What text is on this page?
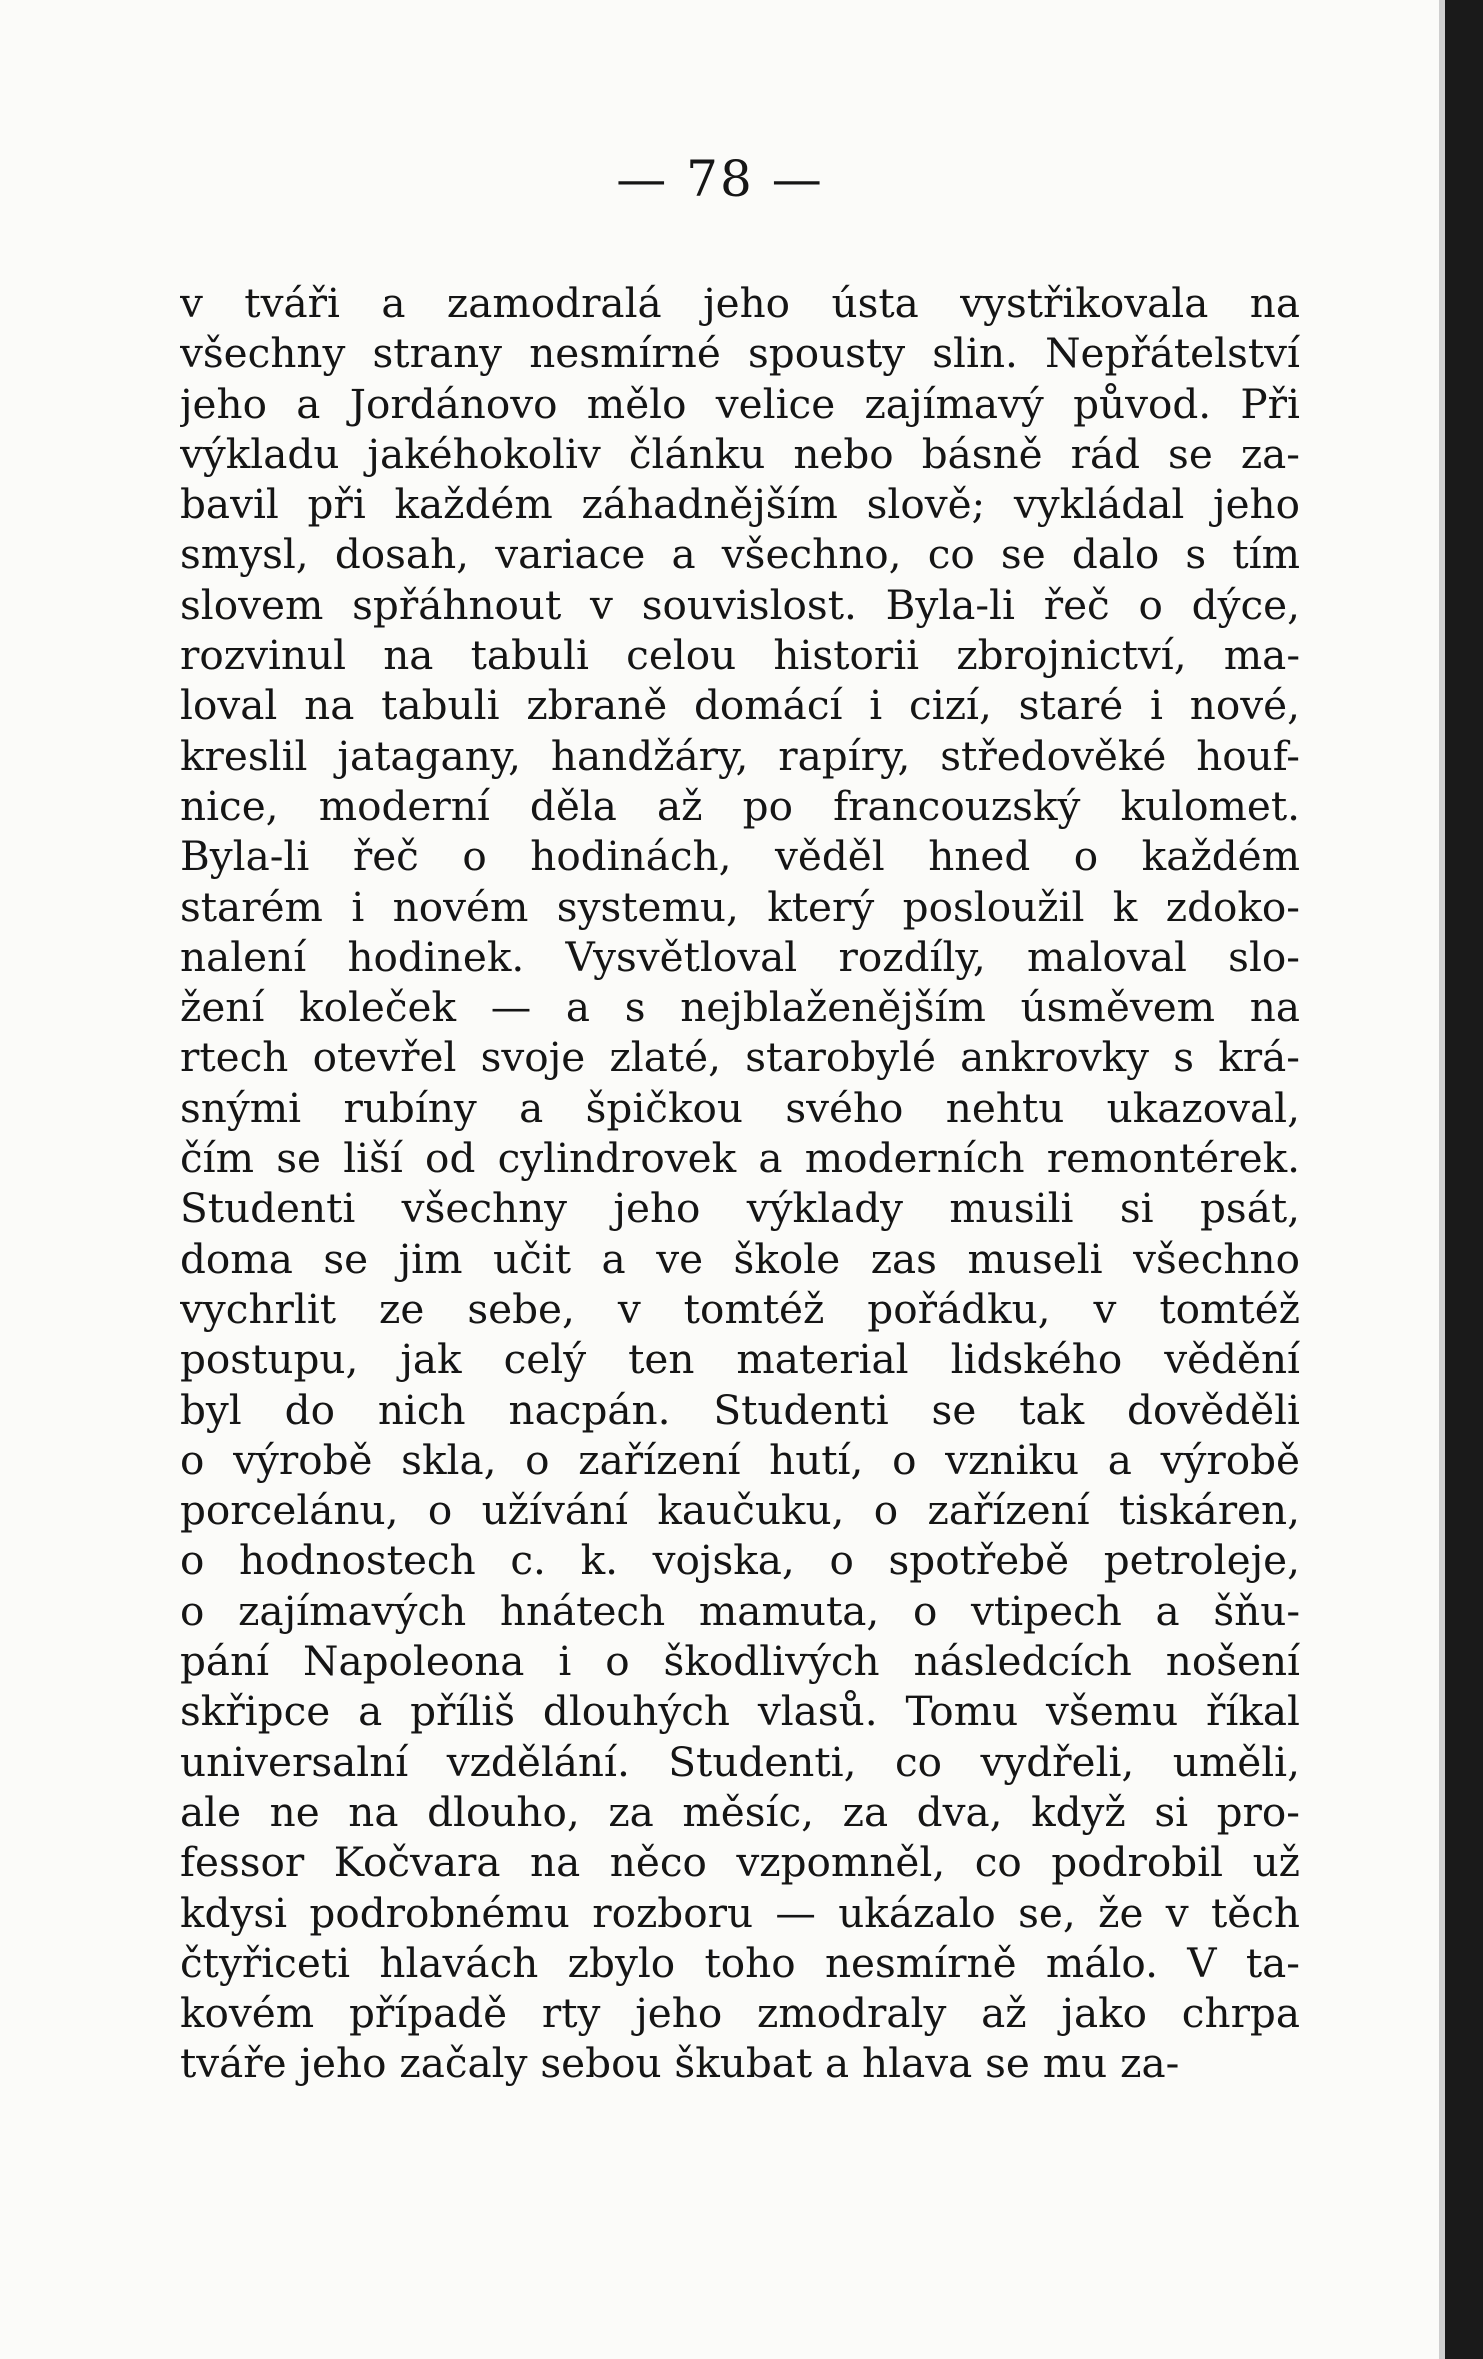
— 78 —
v tváři a zamodralá jeho ústa vystřikovala na
všechny strany nesmírné spousty slin. Nepřátelství
jeho a Jordánovo mělo velice zajímavý původ. Při
výkladu jakéhokoliv článku nebo básně rád se za-
bavil při každém záhadnějším slově; vykládal jeho
smysl, dosah, variace a všechno, co se dalo s tím
slovem spřáhnout v souvislost. Byla-li řeč o dýce,
rozvinul na tabuli celou historii zbrojnictví, ma-
loval na tabuli zbraně domácí i cizí, staré i nové,
kreslil jatagany, handžáry, rapíry, středověké houf-
nice, moderní děla až po francouzský kulomet.
Byla-li řeč o hodinách, věděl hned o každém
starém i novém systemu, který posloužil k zdoko-
nalení hodinek. Vysvětloval rozdíly, maloval slo-
žení koleček — a s nejblaženějším úsměvem na
rtech otevřel svoje zlaté, starobylé ankrovky s krá-
snými rubíny a špičkou svého nehtu ukazoval,
čím se liší od cylindrovek a moderních remontérek.
Studenti všechny jeho výklady musili si psát,
doma se jim učit a ve škole zas museli všechno
vychrlit ze sebe, v tomtéž pořádku, v tomtéž
postupu, jak celý ten material lidského vědění
byl do nich nacpán. Studenti se tak dověděli
o výrobě skla, o zařízení hutí, o vzniku a výrobě
porcelánu, o užívání kaučuku, o zařízení tiskáren,
o hodnostech c. k. vojska, o spotřebě petroleje,
o zajímavých hnátech mamuta, o vtipech a šňu-
pání Napoleona i o škodlivých následcích nošení
skřipce a příliš dlouhých vlasů. Tomu všemu říkal
universalní vzdělání. Studenti, co vydřeli, uměli,
ale ne na dlouho, za měsíc, za dva, když si pro-
fessor Kočvara na něco vzpomněl, co podrobil už
kdysi podrobnému rozboru — ukázalo se, že v těch
čtyřiceti hlavách zbylo toho nesmírně málo. V ta-
kovém případě rty jeho zmodraly až jako chrpa
tváře jeho začaly sebou škubat a hlava se mu za-
